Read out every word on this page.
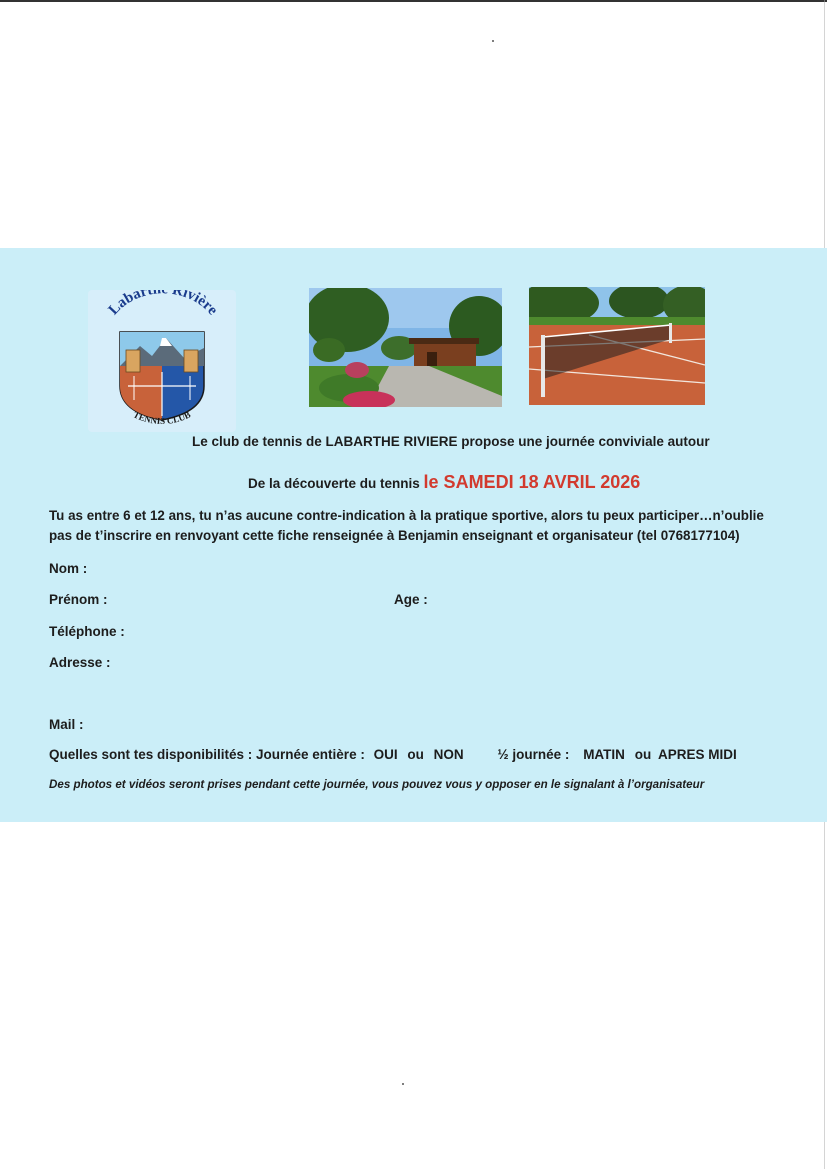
Labart Rivière
TENNIS CLUB
Le club de tennis de LABARTHE RIVIERE propose une journée conviviale autour
De la découverte du tennis le SAMEDI 18 AVRIL 2026
Tu as entre 6 et 12 ans, tu n’as aucune contre-indication à la pratique sportive, alors tu peux participer…n’oublie
pas de t’inscrire en renvoyant cette fiche renseignée à Benjamin enseignant et organisateur (tel 0768177104)
Nom :
Prénom :	Age :
Téléphone :
Adresse :
Mail :
Quelles sont tes disponibilités : Journée entière : OUI ou NON	½ journée : MATIN ou APRES MIDI
Des photos et vidéos seront prises pendant cette journée, vous pouvez vous y opposer en le signalant à l’organisateur
